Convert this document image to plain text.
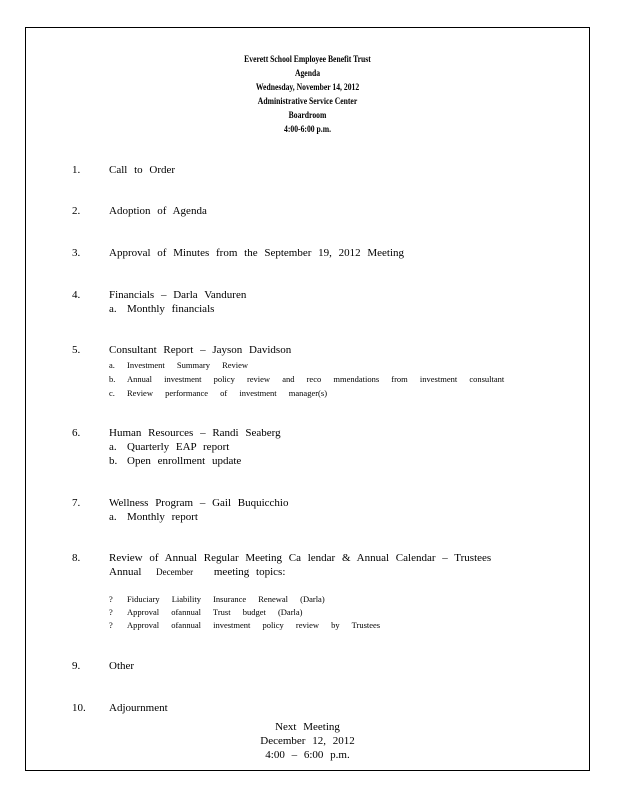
Everett School Employee Benefit Trust
Agenda
Wednesday, November 14, 2012
Administrative Service Center
Boardroom
4:00-6:00 p.m.
1.	Call to Order
2.	Adoption of Agenda
3.	Approval of Minutes from the September 19, 2012 Meeting
4.	Financials – Darla Vanduren
a. Monthly financials
5.	Consultant Report – Jayson Davidson
a. Investment Summary Review
b. Annual investment policy review and reco mmendations from investment consultant
c. Review performance of investment manager(s)
6.	Human Resources – Randi Seaberg
a. Quarterly EAP report
b. Open enrollment update
7.	Wellness Program – Gail Buquicchio
a. Monthly report
8.	Review of Annual Regular Meeting Ca lendar & Annual Calendar – Trustees
Annual December meeting topics:
? Fiduciary Liability Insurance Renewal (Darla)
? Approval ofannual Trust budget (Darla)
? Approval ofannual investment policy review by Trustees
9.	Other
10. Adjournment
Next Meeting
December 12, 2012
4:00 – 6:00 p.m.
